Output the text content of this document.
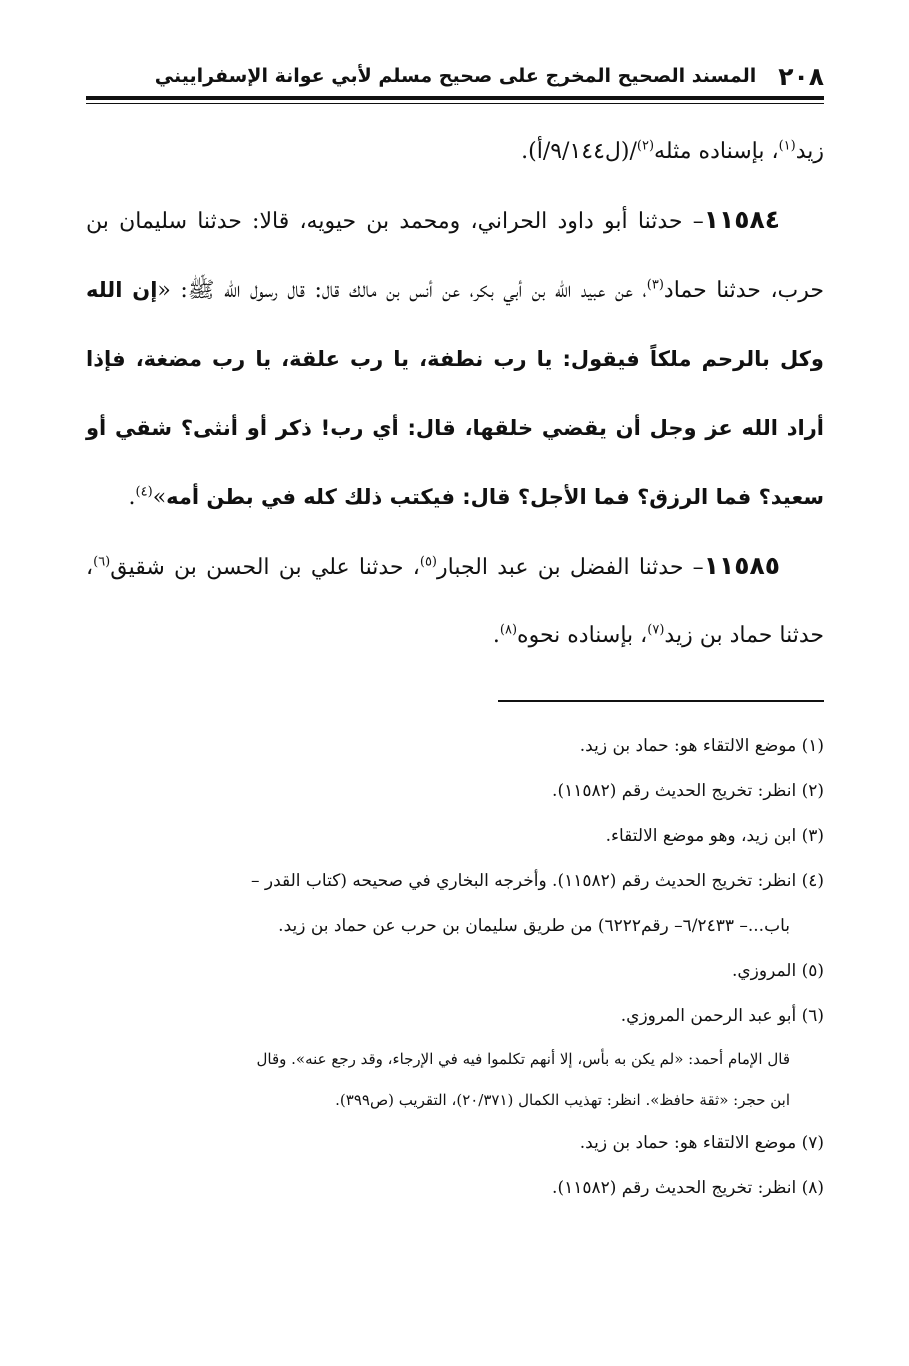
٢٠٨
المسند الصحيح المخرج على صحيح مسلم لأبي عوانة الإسفراييني

زيد$^{(١)}$، بإسناده مثله$^{(٢)}$/(ل٩/١٤٤/أ).

١١٥٨٤– حدثنا أبو داود الحراني، ومحمد بن حيويه، قالا: حدثنا سليمان بن حرب، حدثنا حماد$^{(٣)}$، عن عبيد الله بن أبي بكر، عن أنس بن مالك قال: قال رسول الله ﷺ: «إن الله وكل بالرحم ملكاً فيقول: يا رب نطفة، يا رب علقة، يا رب مضغة، فإذا أراد الله عز وجل أن يقضي خلقها، قال: أي رب! ذكر أو أنثى؟ شقي أو سعيد؟ فما الرزق؟ فما الأجل؟ قال: فيكتب ذلك كله في بطن أمه»$^{(٤)}$.

١١٥٨٥– حدثنا الفضل بن عبد الجبار$^{(٥)}$، حدثنا علي بن الحسن بن شقيق$^{(٦)}$، حدثنا حماد بن زيد$^{(٧)}$، بإسناده نحوه$^{(٨)}$.

(١) موضع الالتقاء هو: حماد بن زيد.

(٢) انظر: تخريج الحديث رقم (١١٥٨٢).

(٣) ابن زيد، وهو موضع الالتقاء.

(٤) انظر: تخريج الحديث رقم (١١٥٨٢). وأخرجه البخاري في صحيحه (كتاب القدر –

باب...– ٦/٢٤٣٣– رقم٦٢٢٢) من طريق سليمان بن حرب عن حماد بن زيد.

(٥) المروزي.

(٦) أبو عبد الرحمن المروزي.

قال الإمام أحمد: «لم يكن به بأس، إلا أنهم تكلموا فيه في الإرجاء، وقد رجع عنه». وقال

ابن حجر: «ثقة حافظ». انظر: تهذيب الكمال (٢٠/٣٧١)، التقريب (ص٣٩٩).

(٧) موضع الالتقاء هو: حماد بن زيد.

(٨) انظر: تخريج الحديث رقم (١١٥٨٢).
